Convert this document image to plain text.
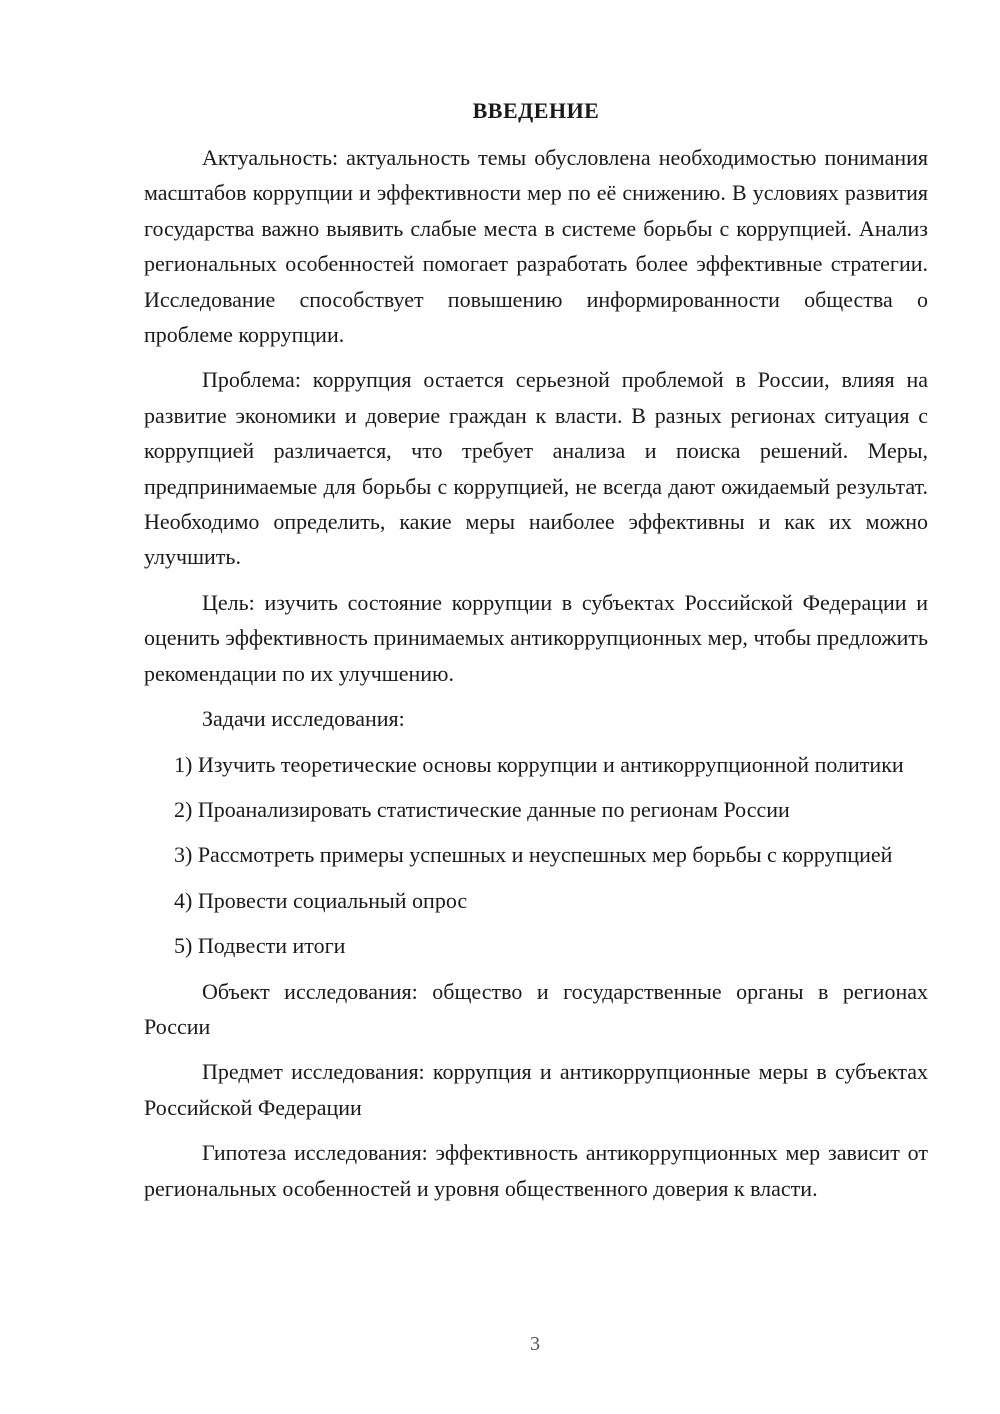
ВВЕДЕНИЕ

Актуальность: актуальность темы обусловлена необходимостью понимания масштабов коррупции и эффективности мер по её снижению. В условиях развития государства важно выявить слабые места в системе борьбы с коррупцией. Анализ региональных особенностей помогает разработать более эффективные стратегии. Исследование способствует повышению информированности общества о проблеме коррупции.

Проблема: коррупция остается серьезной проблемой в России, влияя на развитие экономики и доверие граждан к власти. В разных регионах ситуация с коррупцией различается, что требует анализа и поиска решений. Меры, предпринимаемые для борьбы с коррупцией, не всегда дают ожидаемый результат. Необходимо определить, какие меры наиболее эффективны и как их можно улучшить.

Цель: изучить состояние коррупции в субъектах Российской Федерации и оценить эффективность принимаемых антикоррупционных мер, чтобы предложить рекомендации по их улучшению.

Задачи исследования:

1) Изучить теоретические основы коррупции и антикоррупционной политики

2) Проанализировать статистические данные по регионам России

3) Рассмотреть примеры успешных и неуспешных мер борьбы с коррупцией

4) Провести социальный опрос

5) Подвести итоги

Объект исследования: общество и государственные органы в регионах России

Предмет исследования: коррупция и антикоррупционные меры в субъектах Российской Федерации

Гипотеза исследования: эффективность антикоррупционных мер зависит от региональных особенностей и уровня общественного доверия к власти.

3
